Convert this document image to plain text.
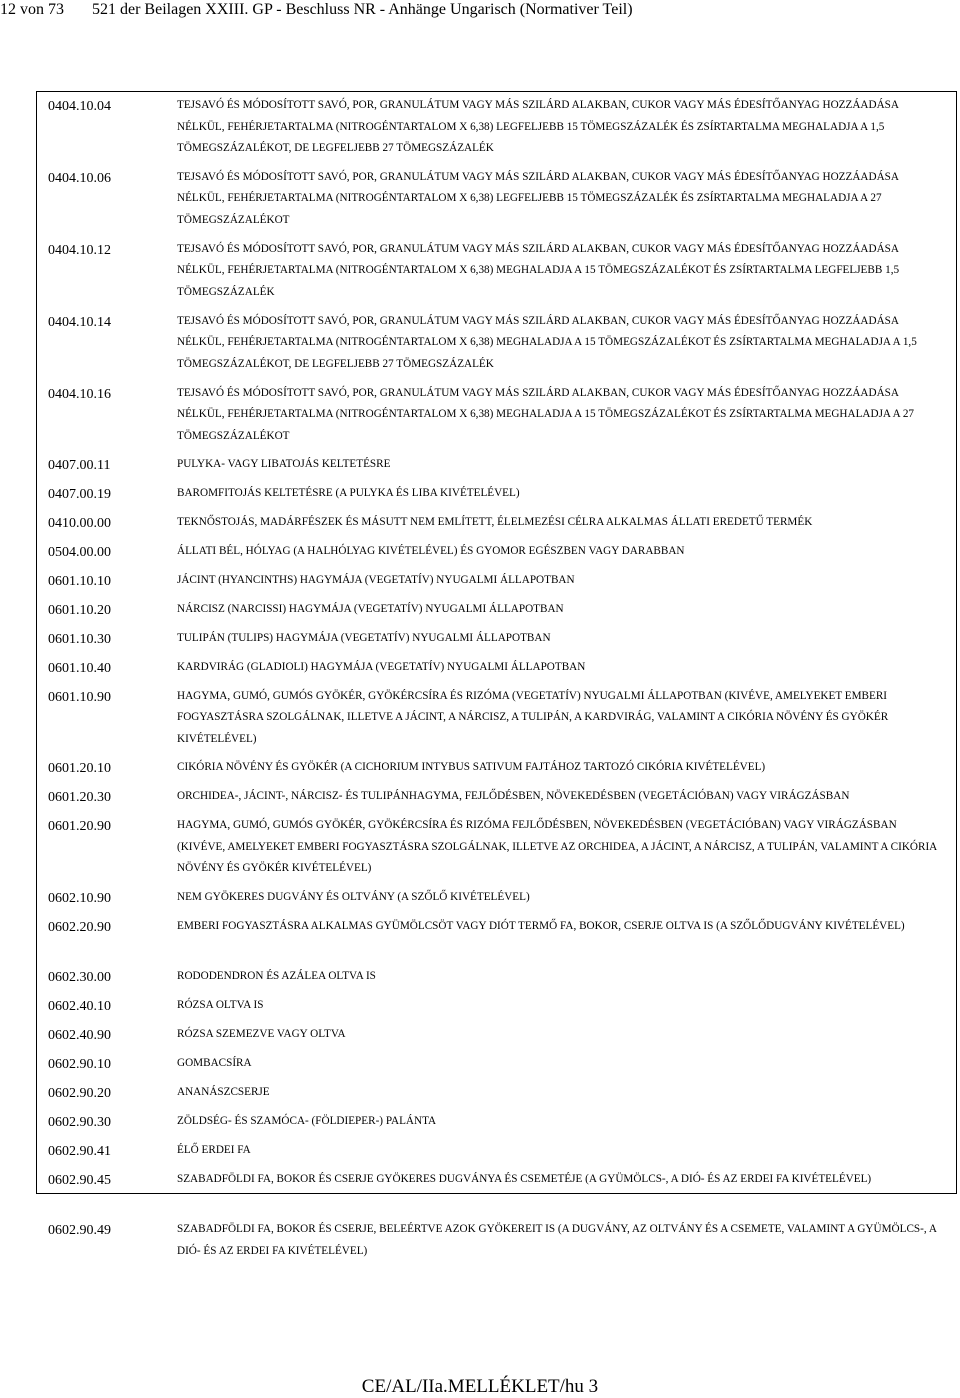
12 von 73 521 der Beilagen XXIII. GP - Beschluss NR - Anhänge Ungarisch (Normativer Teil)
0404.10.04	TEJSAVÓ ÉS MÓDOSÍTOTT SAVÓ, POR, GRANULÁTUM VAGY MÁS SZILÁRD ALAKBAN, CUKOR VAGY MÁS ÉDESÍTŐANYAG HOZZÁADÁSA NÉLKÜL, FEHÉRJETARTALMA (NITROGÉNTARTALOM X 6,38) LEGFELJEBB 15 TÖMEGSZÁZALÉK ÉS ZSÍRTARTALMA MEGHALADJA A 1,5 TÖMEGSZÁZALÉKOT, DE LEGFELJEBB 27 TÖMEGSZÁZALÉK
0404.10.06	TEJSAVÓ ÉS MÓDOSÍTOTT SAVÓ, POR, GRANULÁTUM VAGY MÁS SZILÁRD ALAKBAN, CUKOR VAGY MÁS ÉDESÍTŐANYAG HOZZÁADÁSA NÉLKÜL, FEHÉRJETARTALMA (NITROGÉNTARTALOM X 6,38) LEGFELJEBB 15 TÖMEGSZÁZALÉK ÉS ZSÍRTARTALMA MEGHALADJA A 27 TÖMEGSZÁZALÉKOT
0404.10.12	TEJSAVÓ ÉS MÓDOSÍTOTT SAVÓ, POR, GRANULÁTUM VAGY MÁS SZILÁRD ALAKBAN, CUKOR VAGY MÁS ÉDESÍTŐANYAG HOZZÁADÁSA NÉLKÜL, FEHÉRJETARTALMA (NITROGÉNTARTALOM X 6,38) MEGHALADJA A 15 TÖMEGSZÁZALÉKOT ÉS ZSÍRTARTALMA LEGFELJEBB 1,5 TÖMEGSZÁZALÉK
0404.10.14	TEJSAVÓ ÉS MÓDOSÍTOTT SAVÓ, POR, GRANULÁTUM VAGY MÁS SZILÁRD ALAKBAN, CUKOR VAGY MÁS ÉDESÍTŐANYAG HOZZÁADÁSA NÉLKÜL, FEHÉRJETARTALMA (NITROGÉNTARTALOM X 6,38) MEGHALADJA A 15 TÖMEGSZÁZALÉKOT ÉS ZSÍRTARTALMA MEGHALADJA A 1,5 TÖMEGSZÁZALÉKOT, DE LEGFELJEBB 27 TÖMEGSZÁZALÉK
0404.10.16	TEJSAVÓ ÉS MÓDOSÍTOTT SAVÓ, POR, GRANULÁTUM VAGY MÁS SZILÁRD ALAKBAN, CUKOR VAGY MÁS ÉDESÍTŐANYAG HOZZÁADÁSA NÉLKÜL, FEHÉRJETARTALMA (NITROGÉNTARTALOM X 6,38) MEGHALADJA A 15 TÖMEGSZÁZALÉKOT ÉS ZSÍRTARTALMA MEGHALADJA A 27 TÖMEGSZÁZALÉKOT
0407.00.11	PULYKA- VAGY LIBATOJÁS KELTETÉSRE
0407.00.19	BAROMFITOJÁS KELTETÉSRE (A PULYKA ÉS LIBA KIVÉTELÉVEL)
0410.00.00	TEKNŐSTOJÁS, MADÁRFÉSZEK ÉS MÁSUTT NEM EMLÍTETT, ÉLELMEZÉSI CÉLRA ALKALMAS ÁLLATI EREDETŰ TERMÉK
0504.00.00	ÁLLATI BÉL, HÓLYAG (A HALHÓLYAG KIVÉTELÉVEL) ÉS GYOMOR EGÉSZBEN VAGY DARABBAN
0601.10.10	JÁCINT (HYANCINTHS) HAGYMÁJA (VEGETATÍV) NYUGALMI ÁLLAPOTBAN
0601.10.20	NÁRCISZ (NARCISSI) HAGYMÁJA (VEGETATÍV) NYUGALMI ÁLLAPOTBAN
0601.10.30	TULIPÁN (TULIPS) HAGYMÁJA (VEGETATÍV) NYUGALMI ÁLLAPOTBAN
0601.10.40	KARDVIRÁG (GLADIOLI) HAGYMÁJA (VEGETATÍV) NYUGALMI ÁLLAPOTBAN
0601.10.90	HAGYMA, GUMÓ, GUMÓS GYÖKÉR, GYÖKÉRCSÍRA ÉS RIZÓMA (VEGETATÍV) NYUGALMI ÁLLAPOTBAN (KIVÉVE, AMELYEKET EMBERI FOGYASZTÁSRA SZOLGÁLNAK, ILLETVE A JÁCINT, A NÁRCISZ, A TULIPÁN, A KARDVIRÁG, VALAMINT A CIKÓRIA NÖVÉNY ÉS GYÖKÉR KIVÉTELÉVEL)
0601.20.10	CIKÓRIA NÖVÉNY ÉS GYÖKÉR (A CICHORIUM INTYBUS SATIVUM FAJTÁHOZ TARTOZÓ CIKÓRIA KIVÉTELÉVEL)
0601.20.30	ORCHIDEA-, JÁCINT-, NÁRCISZ- ÉS TULIPÁNHAGYMA, FEJLŐDÉSBEN, NÖVEKEDÉSBEN (VEGETÁCIÓBAN) VAGY VIRÁGZÁSBAN
0601.20.90	HAGYMA, GUMÓ, GUMÓS GYÖKÉR, GYÖKÉRCSÍRA ÉS RIZÓMA FEJLŐDÉSBEN, NÖVEKEDÉSBEN (VEGETÁCIÓBAN) VAGY VIRÁGZÁSBAN (KIVÉVE, AMELYEKET EMBERI FOGYASZTÁSRA SZOLGÁLNAK, ILLETVE AZ ORCHIDEA, A JÁCINT, A NÁRCISZ, A TULIPÁN, VALAMINT A CIKÓRIA NÖVÉNY ÉS GYÖKÉR KIVÉTELÉVEL)
0602.10.90	NEM GYÖKERES DUGVÁNY ÉS OLTVÁNY (A SZŐLŐ KIVÉTELÉVEL)
0602.20.90	EMBERI FOGYASZTÁSRA ALKALMAS GYÜMÖLCSÖT VAGY DIÓT TERMŐ FA, BOKOR, CSERJE OLTVA IS (A SZŐLŐDUGVÁNY KIVÉTELÉVEL)
0602.30.00	RODODENDRON ÉS AZÁLEA OLTVA IS
0602.40.10	RÓZSA OLTVA IS
0602.40.90	RÓZSA SZEMEZVE VAGY OLTVA
0602.90.10	GOMBACSÍRA
0602.90.20	ANANÁSZCSERJE
0602.90.30	ZÖLDSÉG- ÉS SZAMÓCA- (FÖLDIEPER-) PALÁNTA
0602.90.41	ÉLŐ ERDEI FA
0602.90.45	SZABADFÖLDI FA, BOKOR ÉS CSERJE GYÖKERES DUGVÁNYA ÉS CSEMETÉJE (A GYÜMÖLCS-, A DIÓ- ÉS AZ ERDEI FA KIVÉTELÉVEL)
0602.90.49	SZABADFÖLDI FA, BOKOR ÉS CSERJE, BELEÉRTVE AZOK GYÖKEREIT IS (A DUGVÁNY, AZ OLTVÁNY ÉS A CSEMETE, VALAMINT A GYÜMÖLCS-, A DIÓ- ÉS AZ ERDEI FA KIVÉTELÉVEL)
CE/AL/IIa.MELLÉKLET/hu 3
